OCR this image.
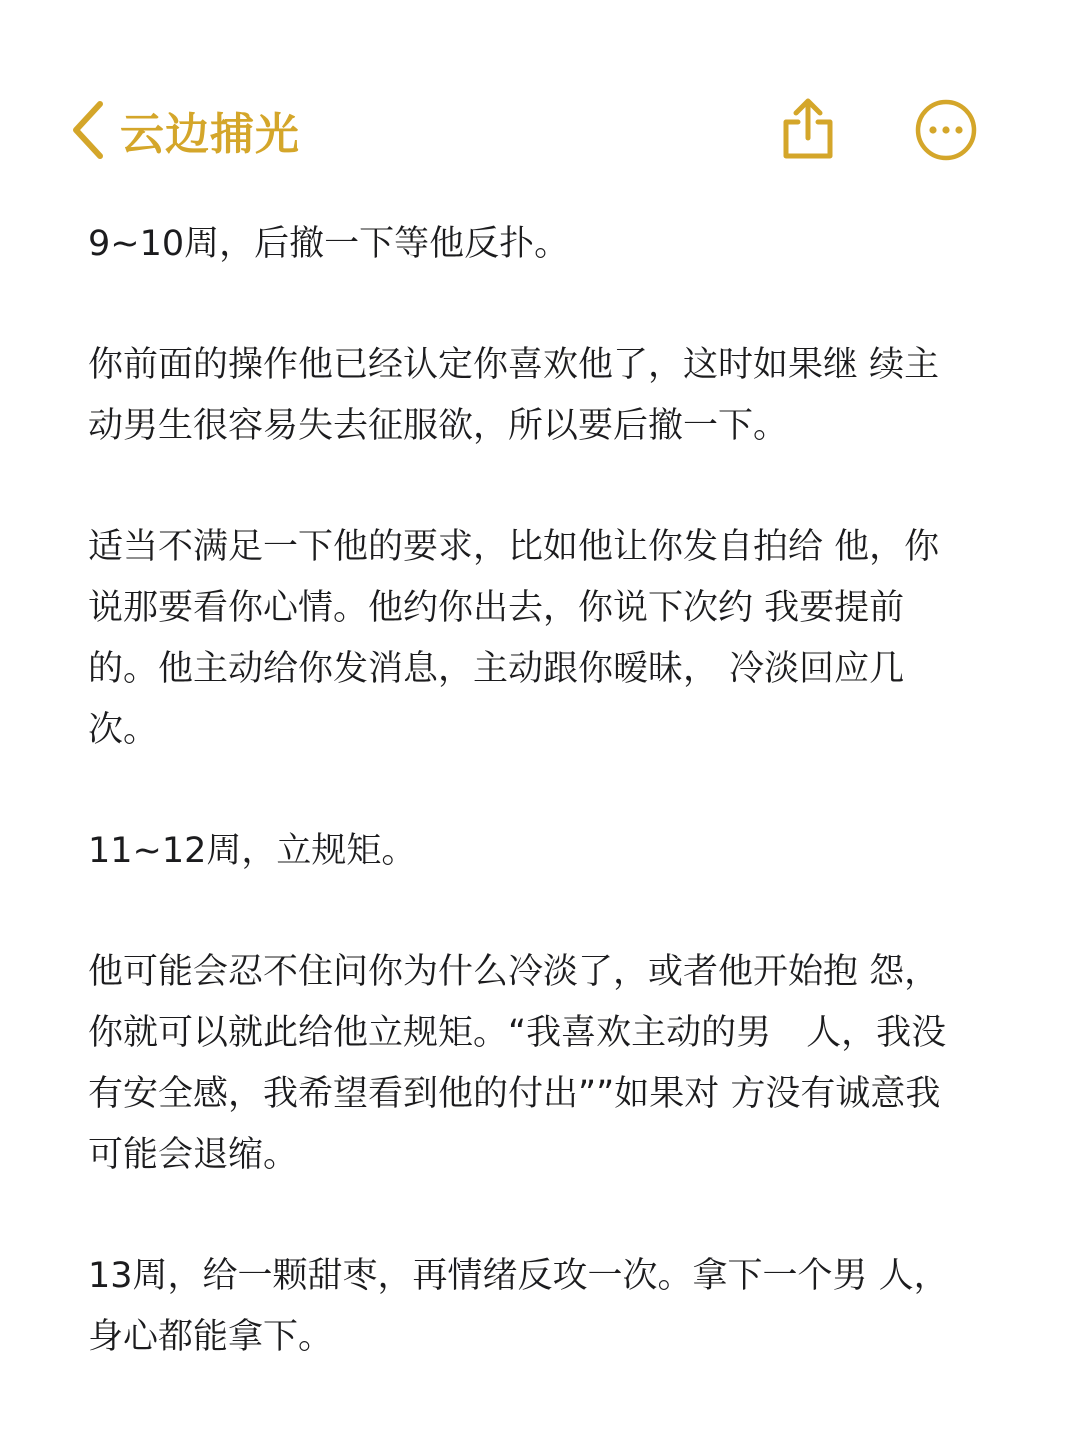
云边捕光

9~10周，后撤一下等他反扑。

你前面的操作他已经认定你喜欢他了，这时如果继 续主动男生很容易失去征服欲，所以要后撤一下。

适当不满足一下他的要求，比如他让你发自拍给 他，你说那要看你心情。他约你出去，你说下次约 我要提前的。他主动给你发消息，主动跟你暧昧， 冷淡回应几次。

11~12周，立规矩。

他可能会忍不住问你为什么冷淡了，或者他开始抱 怨，你就可以就此给他立规矩。“我喜欢主动的男　人，我没有安全感，我希望看到他的付出””如果对 方没有诚意我可能会退缩。

13周，给一颗甜枣，再情绪反攻一次。拿下一个男 人，身心都能拿下。
